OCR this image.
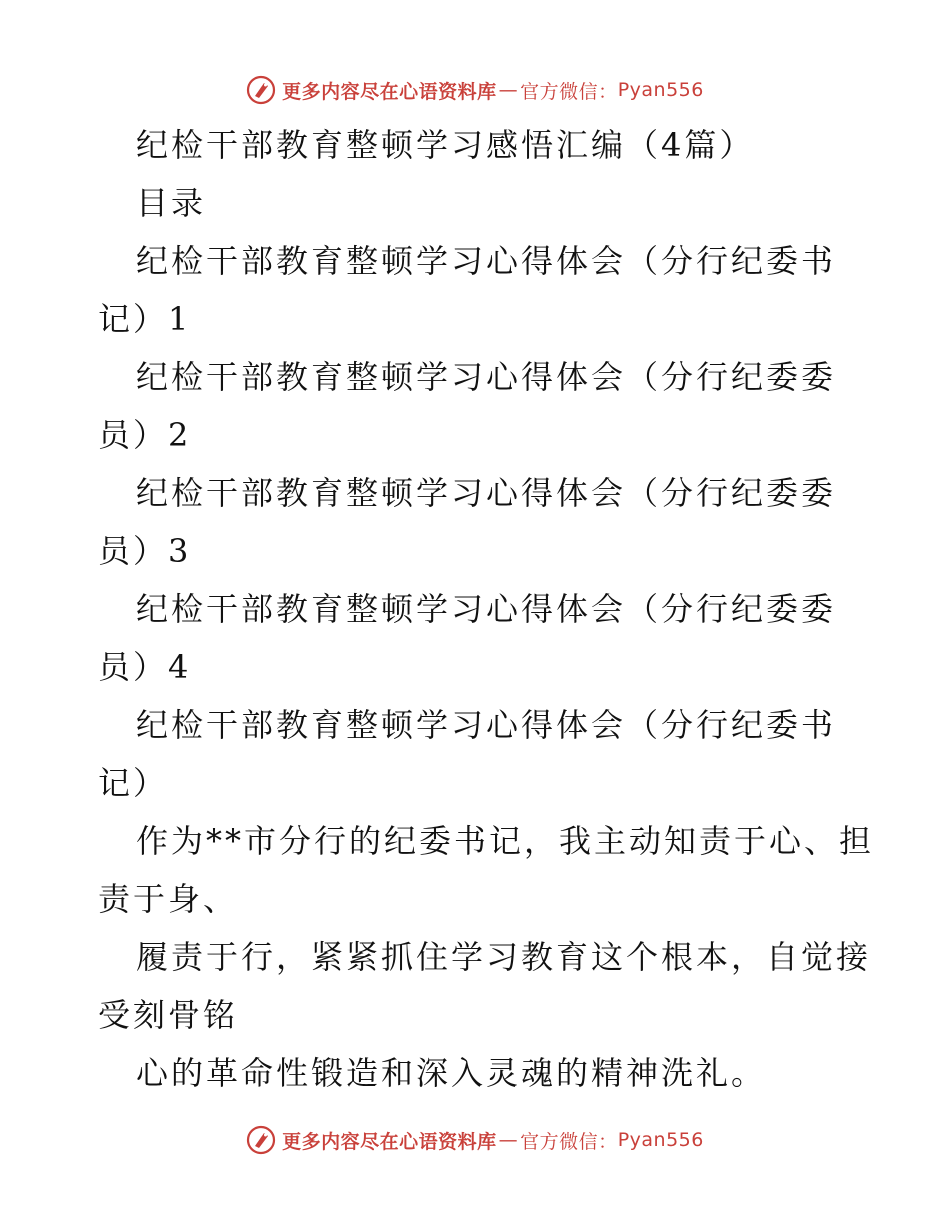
更多内容尽在心语资料库 — 官方微信： Pyan556
纪检干部教育整顿学习感悟汇编（4篇）
目录
纪检干部教育整顿学习心得体会（分行纪委书
记）1
纪检干部教育整顿学习心得体会（分行纪委委
员）2
纪检干部教育整顿学习心得体会（分行纪委委
员）3
纪检干部教育整顿学习心得体会（分行纪委委
员）4
纪检干部教育整顿学习心得体会（分行纪委书
记）
作为**市分行的纪委书记，我主动知责于心、担
责于身、
履责于行，紧紧抓住学习教育这个根本，自觉接
受刻骨铭
心的革命性锻造和深入灵魂的精神洗礼。
更多内容尽在心语资料库 — 官方微信： Pyan556
